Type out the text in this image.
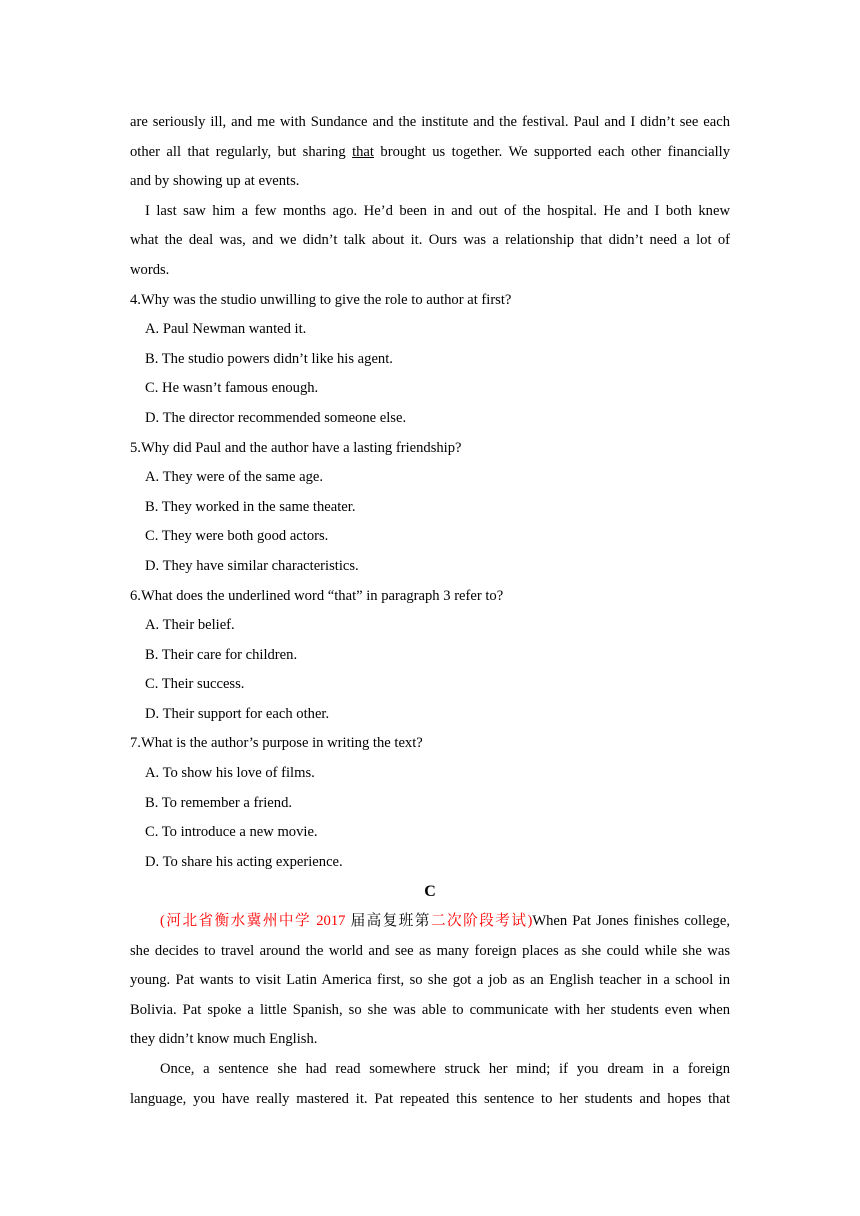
are seriously ill, and me with Sundance and the institute and the festival. Paul and I didn’t see each
other all that regularly, but sharing that brought us together. We supported each other financially
and by showing up at events.
I last saw him a few months ago. He’d been in and out of the hospital. He and I both knew
what the deal was, and we didn’t talk about it. Ours was a relationship that didn’t need a lot of
words.
4.Why was the studio unwilling to give the role to author at first?
A. Paul Newman wanted it.
B. The studio powers didn’t like his agent.
C. He wasn’t famous enough.
D. The director recommended someone else.
5.Why did Paul and the author have a lasting friendship?
A. They were of the same age.
B. They worked in the same theater.
C. They were both good actors.
D. They have similar characteristics.
6.What does the underlined word “that” in paragraph 3 refer to?
A. Their belief.
B. Their care for children.
C. Their success.
D. Their support for each other.
7.What is the author’s purpose in writing the text?
A. To show his love of films.
B. To remember a friend.
C. To introduce a new movie.
D. To share his acting experience.
C
(河北省衡水冀州中学 2017 届高复班第二次阶段考试)When Pat Jones finishes college,
she decides to travel around the world and see as many foreign places as she could while she was
young. Pat wants to visit Latin America first, so she got a job as an English teacher in a school in
Bolivia. Pat spoke a little Spanish, so she was able to communicate with her students even when
they didn’t know much English.
Once, a sentence she had read somewhere struck her mind; if you dream in a foreign
language, you have really mastered it. Pat repeated this sentence to her students and hopes that
